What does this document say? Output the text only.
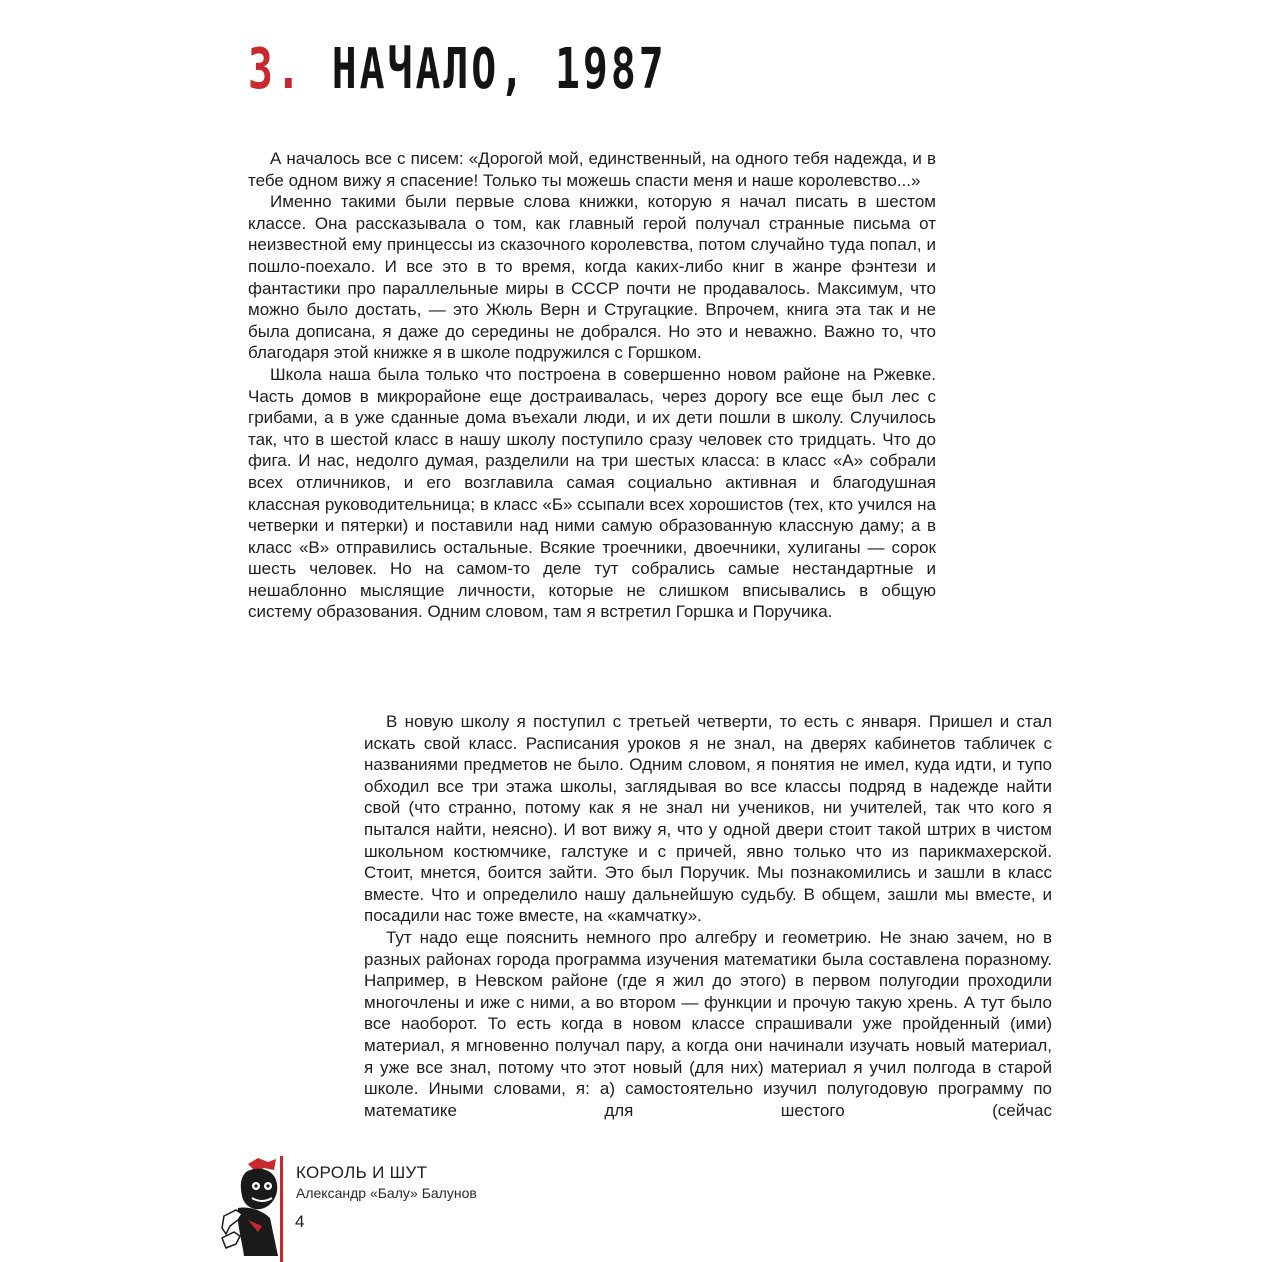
3. НАЧАЛО, 1987

А началось все с писем: «Дорогой мой, единственный, на одного тебя надежда, и в тебе одном вижу я спасение! Только ты можешь спасти меня и наше королевство...»

Именно такими были первые слова книжки, которую я начал писать в шестом классе. Она рассказывала о том, как главный герой получал странные письма от неизвестной ему принцессы из сказочного королевства, потом случайно туда попал, и пошло-поехало. И все это в то время, когда каких-либо книг в жанре фэнтези и фантастики про параллельные миры в СССР почти не продавалось. Максимум, что можно было достать, — это Жюль Верн и Стругацкие. Впрочем, книга эта так и не была дописана, я даже до середины не добрался. Но это и неважно. Важно то, что благодаря этой книжке я в школе подружился с Горшком.

Школа наша была только что построена в совершенно новом районе на Ржевке. Часть домов в микрорайоне еще достраивалась, через дорогу все еще был лес с грибами, а в уже сданные дома въехали люди, и их дети пошли в школу. Случилось так, что в шестой класс в нашу школу поступило сразу человек сто тридцать. Что до фига. И нас, недолго думая, разделили на три шестых класса: в класс «А» собрали всех отличников, и его возглавила самая социально активная и благодушная классная руководительница; в класс «Б» ссыпали всех хорошистов (тех, кто учился на четверки и пятерки) и поставили над ними самую образованную классную даму; а в класс «В» отправились остальные. Всякие троечники, двоечники, хулиганы — сорок шесть человек. Но на самом-то деле тут собрались самые нестандартные и нешаблонно мыслящие личности, которые не слишком вписывались в общую систему образования. Одним словом, там я встретил Горшка и Поручика.

В новую школу я поступил с третьей четверти, то есть с января. Пришел и стал искать свой класс. Расписания уроков я не знал, на дверях кабинетов табличек с названиями предметов не было. Одним словом, я понятия не имел, куда идти, и тупо обходил все три этажа школы, заглядывая во все классы подряд в надежде найти свой (что странно, потому как я не знал ни учеников, ни учителей, так что кого я пытался найти, неясно). И вот вижу я, что у одной двери стоит такой штрих в чистом школьном костюмчике, галстуке и с причей, явно только что из парикмахерской. Стоит, мнется, боится зайти. Это был Поручик. Мы познакомились и зашли в класс вместе. Что и определило нашу дальнейшую судьбу. В общем, зашли мы вместе, и посадили нас тоже вместе, на «камчатку».

Тут надо еще пояснить немного про алгебру и геометрию. Не знаю зачем, но в разных районах города программа изучения математики была составлена поразному. Например, в Невском районе (где я жил до этого) в первом полугодии проходили многочлены и иже с ними, а во втором — функции и прочую такую хрень. А тут было все наоборот. То есть когда в новом классе спрашивали уже пройденный (ими) материал, я мгновенно получал пару, а когда они начинали изучать новый материал, я уже все знал, потому что этот новый (для них) материал я учил полгода в старой школе. Иными словами, я: а) самостоятельно изучил полугодовую программу по математике для шестого (сейчас

КОРОЛЬ И ШУТ
Александр «Балу» Балунов
4
